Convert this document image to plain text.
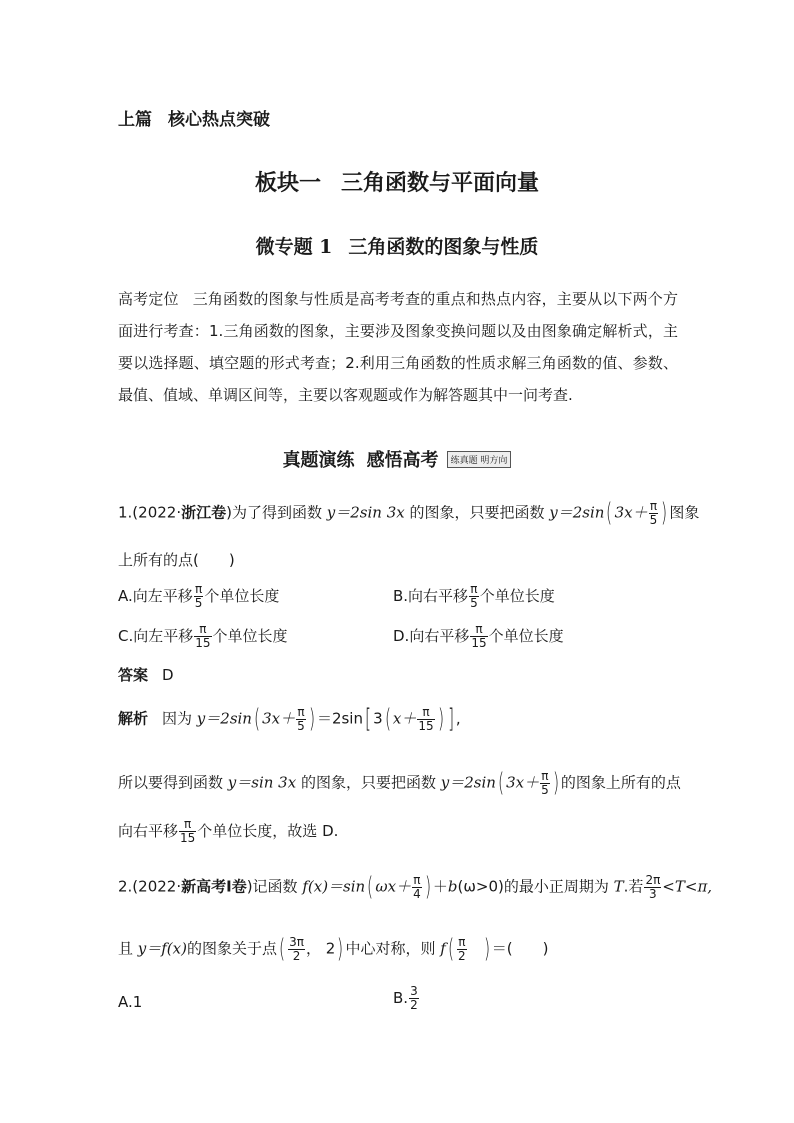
上篇 核心热点突破
板块一 三角函数与平面向量
微专题 1 三角函数的图象与性质
高考定位 三角函数的图象与性质是高考考查的重点和热点内容，主要从以下两个方面进行考查：1.三角函数的图象，主要涉及图象变换问题以及由图象确定解析式，主要以选择题、填空题的形式考查；2.利用三角函数的性质求解三角函数的值、参数、最值、值域、单调区间等，主要以客观题或作为解答题其中一问考查.
真题演练 感悟高考 练真题 明方向
1.(2022·浙江卷)为了得到函数 y＝2sin 3x 的图象，只要把函数 y＝2sin( $3x+ \frac{\pi}{5}$ ) 图象
上所有的点(　　)
A.向左平移 $\frac{\pi}{5}$ 个单位长度	B.向右平移 $\frac{\pi}{5}$ 个单位长度
C.向左平移 $\frac{\pi}{15}$ 个单位长度	D.向右平移 $\frac{\pi}{15}$ 个单位长度
答案 D
解析 因为 y＝2sin( $3x+ \frac{\pi}{5}$ ) ＝2sin[ 3( $x+ \frac{\pi}{15}$ ) ] ,
所以要得到函数 y＝sin 3x 的图象，只要把函数 y＝2sin( $3x+ \frac{\pi}{5}$ ) 的图象上所有的点
向右平移 $\frac{\pi}{15}$ 个单位长度，故选 D.
2.(2022·新高考Ⅰ卷)记函数 f(x)＝sin( $\omega x+ \frac{\pi}{4}$ ) ＋b(ω>0)的最小正周期为 T.若 $\frac{2\pi}{3} <T<\pi$,
且 y＝f(x)的图象关于点( $\frac{3\pi}{2}$ ， 2) 中心对称，则 $f( \frac{\pi}{2}$ ) ＝(　　)
A.1	B. $\frac{3}{2}$
